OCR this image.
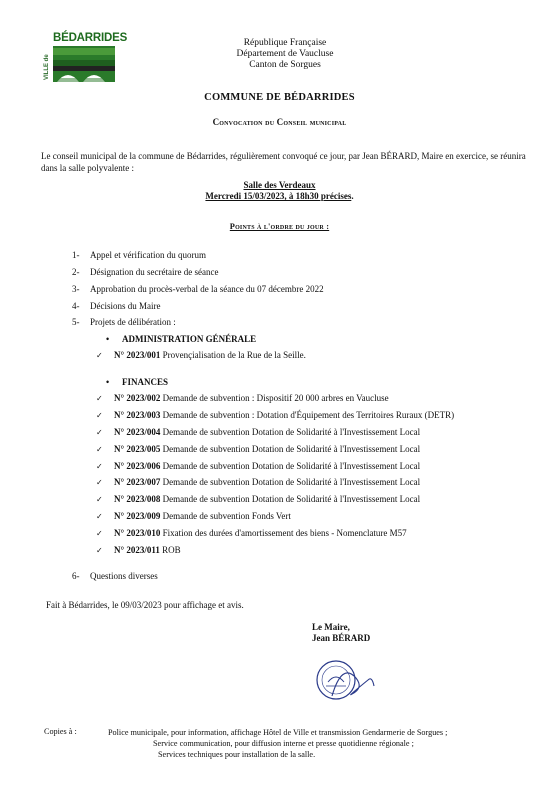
VILLE de
BÉDARRIDES	République Française
Département de Vaucluse
Canton de Sorgues
COMMUNE DE BÉDARRIDES
Convocation du Conseil municipal
Le conseil municipal de la commune de Bédarrides, régulièrement convoqué ce jour, par Jean BÉRARD, Maire en exercice, se réunira dans la salle polyvalente :
Salle des Verdeaux
Mercredi 15/03/2023, à 18h30 précises.
Points à l'ordre du jour :
1- Appel et vérification du quorum
2- Désignation du secrétaire de séance
3- Approbation du procès-verbal de la séance du 07 décembre 2022
4- Décisions du Maire
5- Projets de délibération :
• ADMINISTRATION GÉNÉRALE
✓ N° 2023/001 Provençialisation de la Rue de la Seille.
• FINANCES
✓ N° 2023/002 Demande de subvention : Dispositif 20 000 arbres en Vaucluse
✓ N° 2023/003 Demande de subvention : Dotation d'Équipement des Territoires Ruraux (DETR)
✓ N° 2023/004 Demande de subvention Dotation de Solidarité à l'Investissement Local
✓ N° 2023/005 Demande de subvention Dotation de Solidarité à l'Investissement Local
✓ N° 2023/006 Demande de subvention Dotation de Solidarité à l'Investissement Local
✓ N° 2023/007 Demande de subvention Dotation de Solidarité à l'Investissement Local
✓ N° 2023/008 Demande de subvention Dotation de Solidarité à l'Investissement Local
✓ N° 2023/009 Demande de subvention Fonds Vert
✓ N° 2023/010 Fixation des durées d'amortissement des biens - Nomenclature M57
✓ N° 2023/011 ROB
6- Questions diverses
Fait à Bédarrides, le 09/03/2023 pour affichage et avis.
Le Maire,
Jean BÉRARD
Copies à :	Police municipale, pour information, affichage Hôtel de Ville et transmission Gendarmerie de Sorgues ;
Service communication, pour diffusion interne et presse quotidienne régionale ;
Services techniques pour installation de la salle.
